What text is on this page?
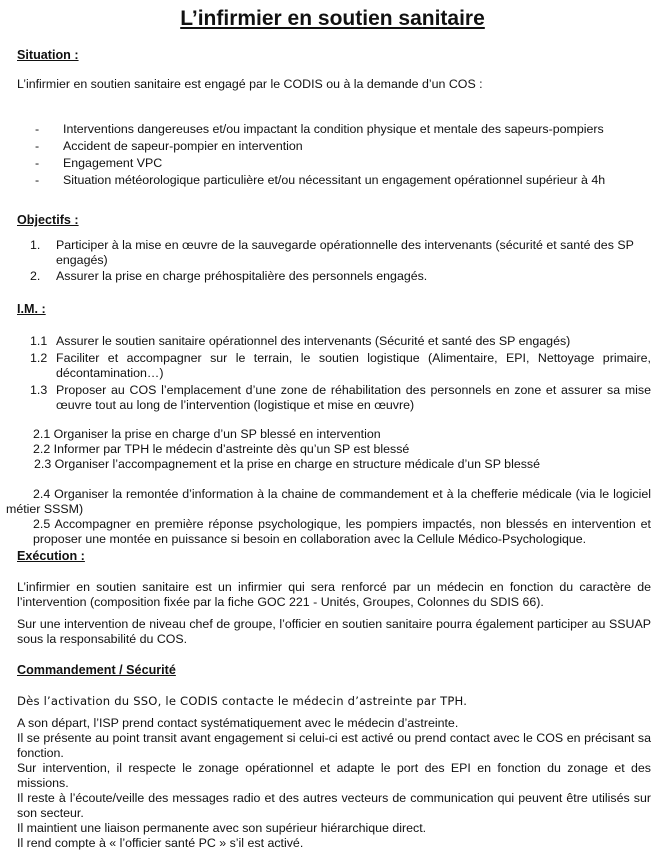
L’infirmier en soutien sanitaire
Situation :
L’infirmier en soutien sanitaire est engagé par le CODIS ou à la demande d’un COS :
- Interventions dangereuses et/ou impactant la condition physique et mentale des sapeurs-pompiers
- Accident de sapeur-pompier en intervention
- Engagement VPC
- Situation météorologique particulière et/ou nécessitant un engagement opérationnel supérieur à 4h
Objectifs :
1. Participer à la mise en œuvre de la sauvegarde opérationnelle des intervenants (sécurité et santé des SP engagés)
2. Assurer la prise en charge préhospitalière des personnels engagés.
I.M. :
1.1 Assurer le soutien sanitaire opérationnel des intervenants (Sécurité et santé des SP engagés)
1.2 Faciliter et accompagner sur le terrain, le soutien logistique (Alimentaire, EPI, Nettoyage primaire, décontamination…)
1.3 Proposer au COS l’emplacement d’une zone de réhabilitation des personnels en zone et assurer sa mise œuvre tout au long de l’intervention (logistique et mise en œuvre)
2.1 Organiser la prise en charge d’un SP blessé en intervention
2.2 Informer par TPH le médecin d’astreinte dès qu’un SP est blessé
2.3 Organiser l’accompagnement et la prise en charge en structure médicale d’un SP blessé
2.4 Organiser la remontée d’information à la chaine de commandement et à la chefferie médicale (via le logiciel métier SSSM)
2.5 Accompagner en première réponse psychologique, les pompiers impactés, non blessés en intervention et proposer une montée en puissance si besoin en collaboration avec la Cellule Médico-Psychologique.
Exécution :
L’infirmier en soutien sanitaire est un infirmier qui sera renforcé par un médecin en fonction du caractère de l’intervention (composition fixée par la fiche GOC 221 - Unités, Groupes, Colonnes du SDIS 66).
Sur une intervention de niveau chef de groupe, l’officier en soutien sanitaire pourra également participer au SSUAP sous la responsabilité du COS.
Commandement / Sécurité
Dès l’activation du SSO, le CODIS contacte le médecin d’astreinte par TPH.
A son départ, l’ISP prend contact systématiquement avec le médecin d’astreinte.
Il se présente au point transit avant engagement si celui-ci est activé ou prend contact avec le COS en précisant sa fonction.
Sur intervention, il respecte le zonage opérationnel et adapte le port des EPI en fonction du zonage et des missions.
Il reste à l’écoute/veille des messages radio et des autres vecteurs de communication qui peuvent être utilisés sur son secteur.
Il maintient une liaison permanente avec son supérieur hiérarchique direct.
Il rend compte à « l’officier santé PC » s’il est activé.
